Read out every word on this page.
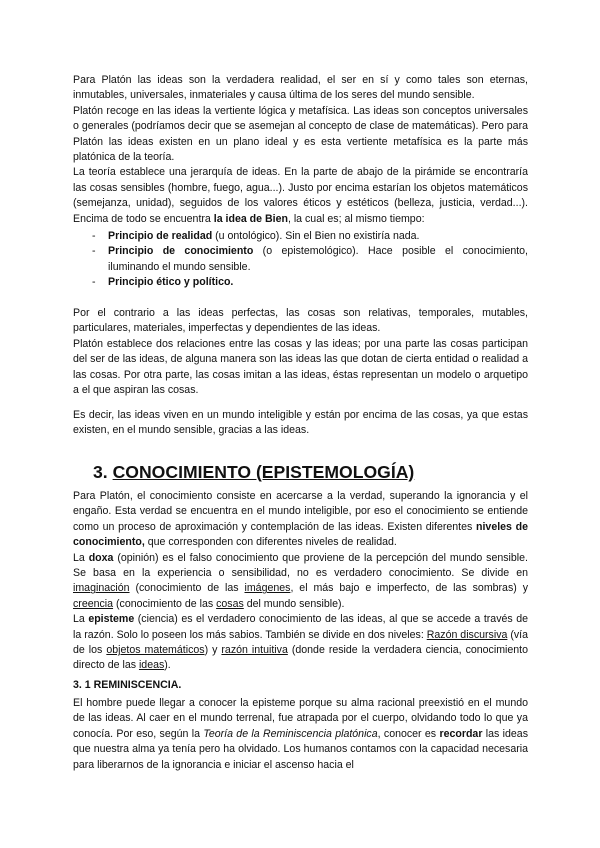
Para Platón las ideas son la verdadera realidad, el ser en sí y como tales son eternas, inmutables, universales, inmateriales y causa última de los seres del mundo sensible.

Platón recoge en las ideas la vertiente lógica y metafísica. Las ideas son conceptos universales o generales (podríamos decir que se asemejan al concepto de clase de matemáticas). Pero para Platón las ideas existen en un plano ideal y es esta vertiente metafísica es la parte más platónica de la teoría.

La teoría establece una jerarquía de ideas. En la parte de abajo de la pirámide se encontraría las cosas sensibles (hombre, fuego, agua...). Justo por encima estarían los objetos matemáticos (semejanza, unidad), seguidos de los valores éticos y estéticos (belleza, justicia, verdad...). Encima de todo se encuentra la idea de Bien, la cual es; al mismo tiempo:

- Principio de realidad (u ontológico). Sin el Bien no existiría nada.
- Principio de conocimiento (o epistemológico). Hace posible el conocimiento, iluminando el mundo sensible.
- Principio ético y político.

Por el contrario a las ideas perfectas, las cosas son relativas, temporales, mutables, particulares, materiales, imperfectas y dependientes de las ideas.

Platón establece dos relaciones entre las cosas y las ideas; por una parte las cosas participan del ser de las ideas, de alguna manera son las ideas las que dotan de cierta entidad o realidad a las cosas. Por otra parte, las cosas imitan a las ideas, éstas representan un modelo o arquetipo a el que aspiran las cosas.

Es decir, las ideas viven en un mundo inteligible y están por encima de las cosas, ya que estas existen, en el mundo sensible, gracias a las ideas.

3. CONOCIMIENTO (EPISTEMOLOGÍA)

Para Platón, el conocimiento consiste en acercarse a la verdad, superando la ignorancia y el engaño. Esta verdad se encuentra en el mundo inteligible, por eso el conocimiento se entiende como un proceso de aproximación y contemplación de las ideas. Existen diferentes niveles de conocimiento, que corresponden con diferentes niveles de realidad.

La doxa (opinión) es el falso conocimiento que proviene de la percepción del mundo sensible. Se basa en la experiencia o sensibilidad, no es verdadero conocimiento. Se divide en imaginación (conocimiento de las imágenes, el más bajo e imperfecto, de las sombras) y creencia (conocimiento de las cosas del mundo sensible).

La episteme (ciencia) es el verdadero conocimiento de las ideas, al que se accede a través de la razón. Solo lo poseen los más sabios. También se divide en dos niveles: Razón discursiva (vía de los objetos matemáticos) y razón intuitiva (donde reside la verdadera ciencia, conocimiento directo de las ideas).

3. 1 REMINISCENCIA.

El hombre puede llegar a conocer la episteme porque su alma racional preexistió en el mundo de las ideas. Al caer en el mundo terrenal, fue atrapada por el cuerpo, olvidando todo lo que ya conocía. Por eso, según la Teoría de la Reminiscencia platónica, conocer es recordar las ideas que nuestra alma ya tenía pero ha olvidado. Los humanos contamos con la capacidad necesaria para liberarnos de la ignorancia e iniciar el ascenso hacia el
